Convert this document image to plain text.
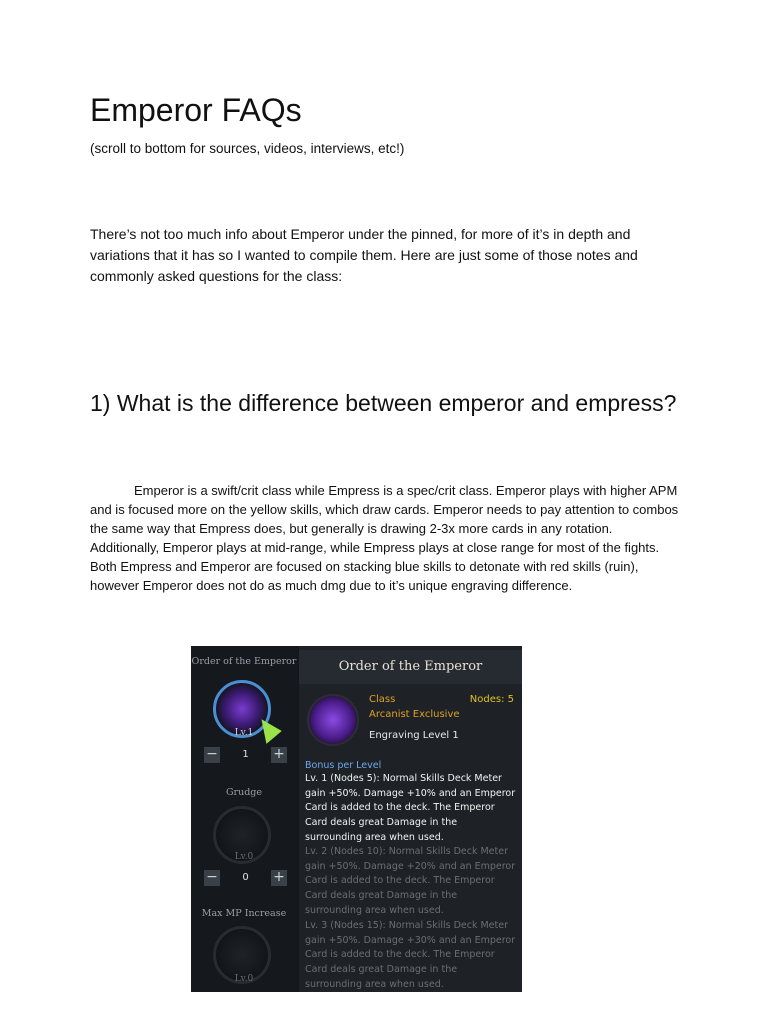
Emperor FAQs

(scroll to bottom for sources, videos, interviews, etc!)

There’s not too much info about Emperor under the pinned, for more of it’s in depth and variations that it has so I wanted to compile them. Here are just some of those notes and commonly asked questions for the class:

1) What is the difference between emperor and empress?

Emperor is a swift/crit class while Empress is a spec/crit class. Emperor plays with higher APM and is focused more on the yellow skills, which draw cards. Emperor needs to pay attention to combos the same way that Empress does, but generally is drawing 2-3x more cards in any rotation. Additionally, Emperor plays at mid-range, while Empress plays at close range for most of the fights. Both Empress and Emperor are focused on stacking blue skills to detonate with red skills (ruin), however Emperor does not do as much dmg due to it’s unique engraving difference.

Order of the Emperor
Lv.1
−	1	+
Grudge
Lv.0
−	0	+
Max MP Increase
Lv.0
Order of the Emperor
Class	Nodes: 5
Arcanist Exclusive
Engraving Level 1
Bonus per Level

Lv. 1 (Nodes 5): Normal Skills Deck Meter gain +50%. Damage +10% and an Emperor Card is added to the deck. The Emperor Card deals great Damage in the surrounding area when used.

Lv. 2 (Nodes 10): Normal Skills Deck Meter gain +50%. Damage +20% and an Emperor Card is added to the deck. The Emperor Card deals great Damage in the surrounding area when used.

Lv. 3 (Nodes 15): Normal Skills Deck Meter gain +50%. Damage +30% and an Emperor Card is added to the deck. The Emperor Card deals great Damage in the surrounding area when used.
